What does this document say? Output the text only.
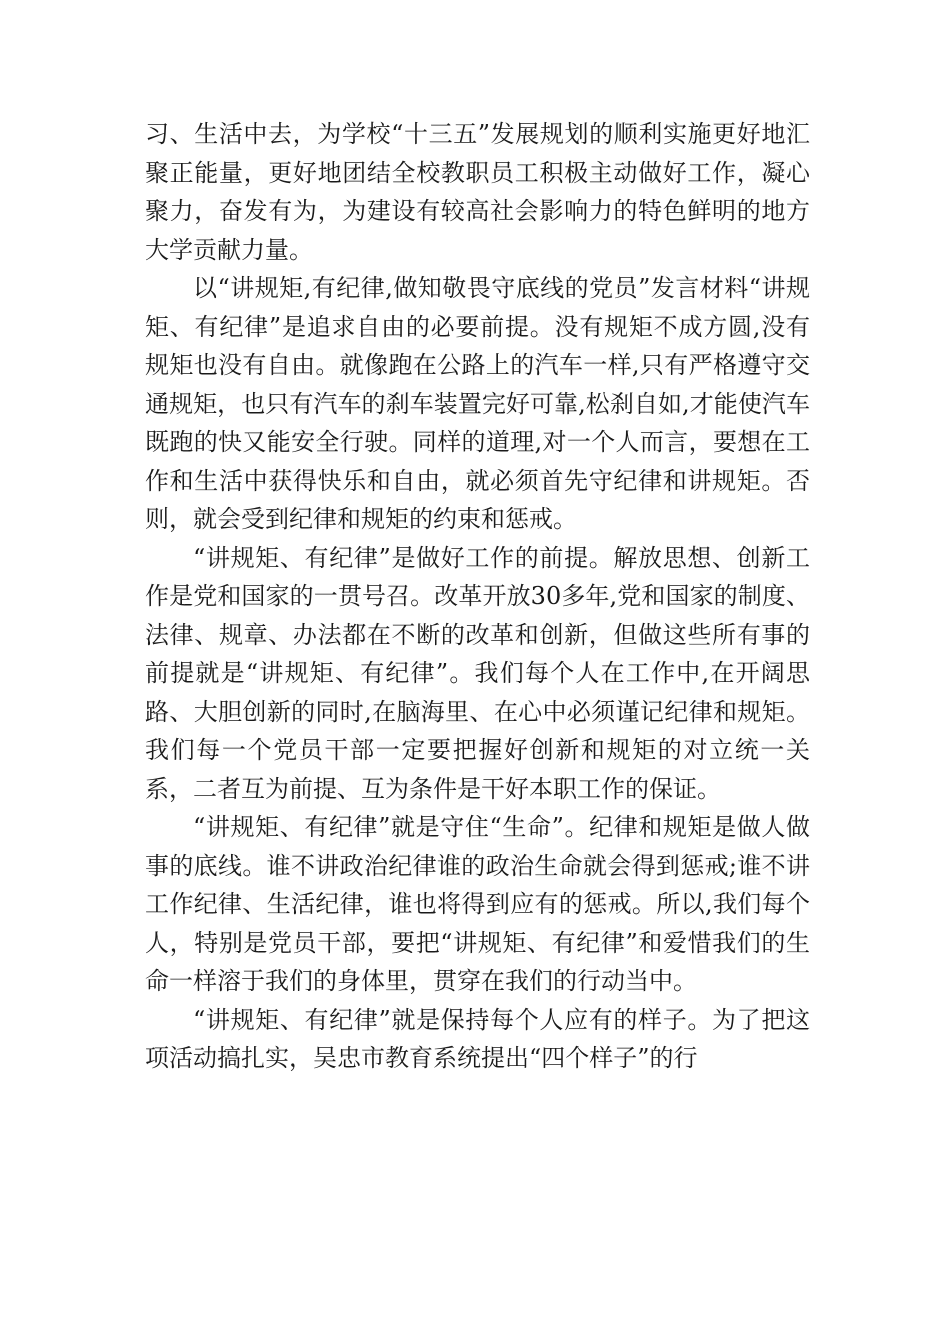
习、生活中去，为学校“十三五”发展规划的顺利实施更好地汇聚正能量，更好地团结全校教职员工积极主动做好工作，凝心聚力，奋发有为，为建设有较高社会影响力的特色鲜明的地方大学贡献力量。

以“讲规矩,有纪律,做知敬畏守底线的党员”发言材料“讲规矩、有纪律”是追求自由的必要前提。没有规矩不成方圆,没有规矩也没有自由。就像跑在公路上的汽车一样,只有严格遵守交通规矩，也只有汽车的刹车装置完好可靠,松刹自如,才能使汽车既跑的快又能安全行驶。同样的道理,对一个人而言，要想在工作和生活中获得快乐和自由，就必须首先守纪律和讲规矩。否则，就会受到纪律和规矩的约束和惩戒。

“讲规矩、有纪律”是做好工作的前提。解放思想、创新工作是党和国家的一贯号召。改革开放30多年,党和国家的制度、法律、规章、办法都在不断的改革和创新，但做这些所有事的前提就是“讲规矩、有纪律”。我们每个人在工作中,在开阔思路、大胆创新的同时,在脑海里、在心中必须谨记纪律和规矩。我们每一个党员干部一定要把握好创新和规矩的对立统一关系，二者互为前提、互为条件是干好本职工作的保证。

“讲规矩、有纪律”就是守住“生命”。纪律和规矩是做人做事的底线。谁不讲政治纪律谁的政治生命就会得到惩戒;谁不讲工作纪律、生活纪律，谁也将得到应有的惩戒。所以,我们每个人，特别是党员干部，要把“讲规矩、有纪律”和爱惜我们的生命一样溶于我们的身体里，贯穿在我们的行动当中。

“讲规矩、有纪律”就是保持每个人应有的样子。为了把这项活动搞扎实，吴忠市教育系统提出“四个样子”的行
